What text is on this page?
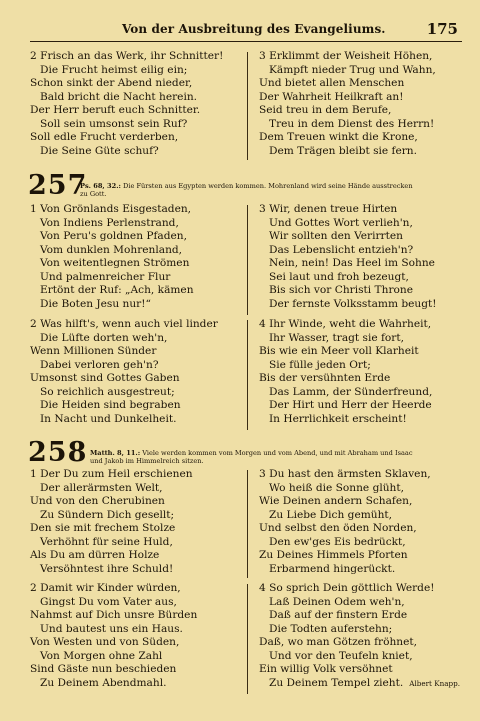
Von der Ausbreitung des Evangeliums.	175
2 Frisch an das Werk, ihr Schnitter!
Die Frucht heimst eilig ein;
Schon sinkt der Abend nieder,
Bald bricht die Nacht herein.
Der Herr beruft euch Schnitter.
Soll sein umsonst sein Ruf?
Soll edle Frucht verderben,
Die Seine Güte schuf?
3 Erklimmt der Weisheit Höhen,
Kämpft nieder Trug und Wahn,
Und bietet allen Menschen
Der Wahrheit Heilkraft an!
Seid treu in dem Berufe,
Treu in dem Dienst des Herrn!
Dem Treuen winkt die Krone,
Dem Trägen bleibt sie fern.
257
Ps. 68, 32.: Die Fürsten aus Egypten werden kommen. Mohrenland wird seine Hände ausstrecken
zu Gott.
1 Von Grönlands Eisgestaden,
Von Indiens Perlenstrand,
Von Peru's goldnen Pfaden,
Vom dunklen Mohrenland,
Von weitentlegnen Strömen
Und palmenreicher Flur
Ertönt der Ruf: „Ach, kämen
Die Boten Jesu nur!“
3 Wir, denen treue Hirten
Und Gottes Wort verlieh'n,
Wir sollten den Verirrten
Das Lebenslicht entzieh'n?
Nein, nein! Das Heel im Sohne
Sei laut und froh bezeugt,
Bis sich vor Christi Throne
Der fernste Volksstamm beugt!
2 Was hilft's, wenn auch viel linder
Die Lüfte dorten weh'n,
Wenn Millionen Sünder
Dabei verloren geh'n?
Umsonst sind Gottes Gaben
So reichlich ausgestreut;
Die Heiden sind begraben
In Nacht und Dunkelheit.
4 Ihr Winde, weht die Wahrheit,
Ihr Wasser, tragt sie fort,
Bis wie ein Meer voll Klarheit
Sie fülle jeden Ort;
Bis der versühnten Erde
Das Lamm, der Sünderfreund,
Der Hirt und Herr der Heerde
In Herrlichkeit erscheint!
258 Matth. 8, 11.: Viele werden kommen vom Morgen und vom Abend, und mit Abraham und Isaac
und Jakob im Himmelreich sitzen.
1 Der Du zum Heil erschienen
Der allerärmsten Welt,
Und von den Cherubinen
Zu Sündern Dich gesellt;
Den sie mit frechem Stolze
Verhöhnt für seine Huld,
Als Du am dürren Holze
Versöhntest ihre Schuld!
3 Du hast den ärmsten Sklaven,
Wo heiß die Sonne glüht,
Wie Deinen andern Schafen,
Zu Liebe Dich gemüht,
Und selbst den öden Norden,
Den ew'ges Eis bedrückt,
Zu Deines Himmels Pforten
Erbarmend hingerückt.
2 Damit wir Kinder würden,
Gingst Du vom Vater aus,
Nahmst auf Dich unsre Bürden
Und bautest uns ein Haus.
Von Westen und von Süden,
Von Morgen ohne Zahl
Sind Gäste nun beschieden
Zu Deinem Abendmahl.
4 So sprich Dein göttlich Werde!
Laß Deinen Odem weh'n,
Daß auf der finstern Erde
Die Todten auferstehn;
Daß, wo man Götzen fröhnet,
Und vor den Teufeln kniet,
Ein willig Volk versöhnet
Zu Deinem Tempel zieht. Albert Knapp.
